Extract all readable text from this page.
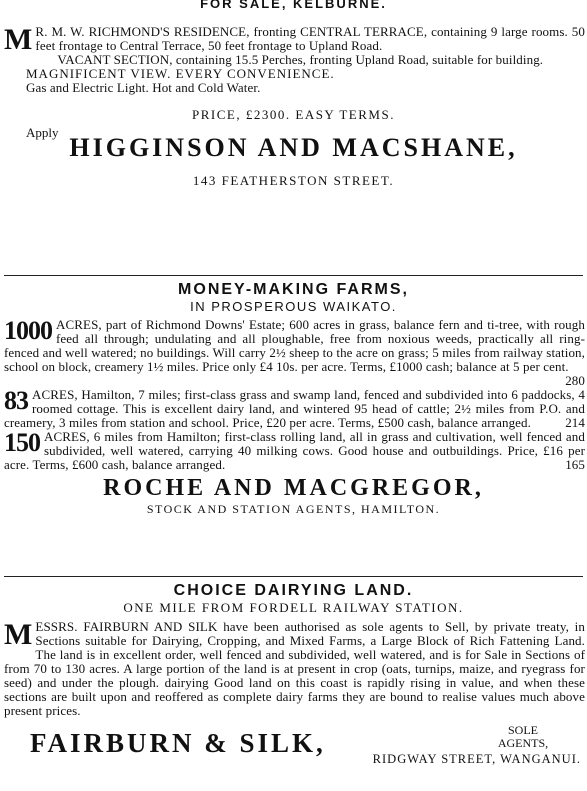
FOR SALE, KELBURNE.
M R. M. W. RICHMOND'S RESIDENCE, fronting CENTRAL TERRACE, containing 9 large rooms. 50 feet frontage to Central Terrace, 50 feet frontage to Upland Road.
VACANT SECTION, containing 15.5 Perches, fronting Upland Road, suitable for building.
MAGNIFICENT VIEW. EVERY CONVENIENCE.
Gas and Electric Light. Hot and Cold Water.
PRICE, £2300. EASY TERMS.
Apply
HIGGINSON AND MACSHANE,
143 FEATHERSTON STREET.
MONEY-MAKING FARMS,
IN PROSPEROUS WAIKATO.
1000 ACRES, part of Richmond Downs' Estate; 600 acres in grass, balance fern and ti-tree, with rough feed all through; undulating and all ploughable, free from noxious weeds, practically all ring-fenced and well watered; no buildings. Will carry 2½ sheep to the acre on grass; 5 miles from railway station, school on block, creamery 1½ miles. Price only £4 10s. per acre. Terms, £1000 cash; balance at 5 per cent.
280
83 ACRES, Hamilton, 7 miles; first-class grass and swamp land, fenced and subdivided into 6 paddocks, 4 roomed cottage. This is excellent dairy land, and wintered 95 head of cattle; 2½ miles from P.O. and creamery, 3 miles from station and school. Price, £20 per acre. Terms, £500 cash, balance arranged.	214
150 ACRES, 6 miles from Hamilton; first-class rolling land, all in grass and cultivation, well fenced and subdivided, well watered, carrying 40 milking cows. Good house and outbuildings. Price, £16 per acre. Terms, £600 cash, balance arranged.	165
ROCHE AND MACGREGOR,
STOCK AND STATION AGENTS, HAMILTON.
CHOICE DAIRYING LAND.
ONE MILE FROM FORDELL RAILWAY STATION.
M ESSRS. FAIRBURN AND SILK have been authorised as sole agents to Sell, by private treaty, in Sections suitable for Dairying, Cropping, and Mixed Farms, a Large Block of Rich Fattening Land. The land is in excellent order, well fenced and subdivided, well watered, and is for Sale in Sections of from 70 to 130 acres. A large portion of the land is at present in crop (oats, turnips, maize, and ryegrass for seed) and under the plough. dairying Good land on this coast is rapidly rising in value, and when these sections are built upon and reoffered as complete dairy farms they are bound to realise values much above present prices.
FAIRBURN & SILK,	SOLE
AGENTS,
RIDGWAY STREET, WANGANUI.
